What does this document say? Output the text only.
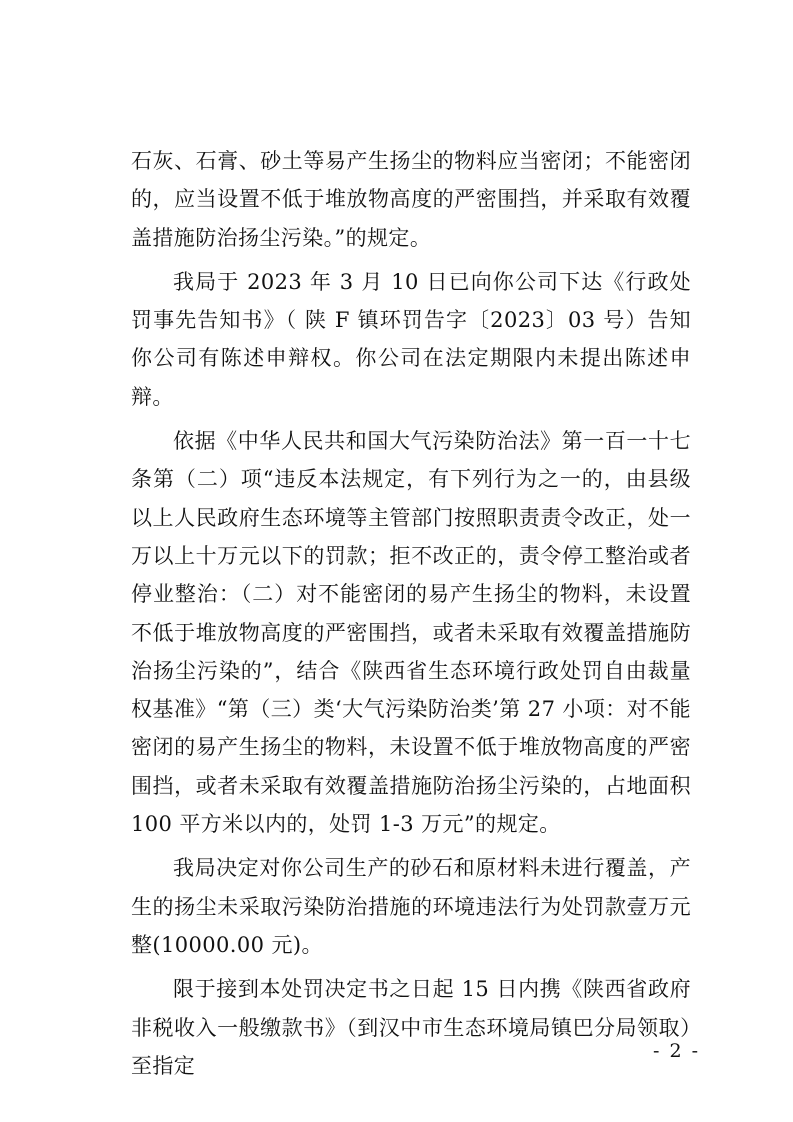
石灰、石膏、砂土等易产生扬尘的物料应当密闭；不能密闭的，应当设置不低于堆放物高度的严密围挡，并采取有效覆盖措施防治扬尘污染。”的规定。

我局于 2023 年 3 月 10 日已向你公司下达《行政处罚事先告知书》（ 陕 F 镇环罚告字〔2023〕03 号）告知你公司有陈述申辩权。你公司在法定期限内未提出陈述申辩。

依据《中华人民共和国大气污染防治法》第一百一十七条第（二）项“违反本法规定，有下列行为之一的，由县级以上人民政府生态环境等主管部门按照职责责令改正，处一万以上十万元以下的罚款；拒不改正的，责令停工整治或者停业整治：（二）对不能密闭的易产生扬尘的物料，未设置不低于堆放物高度的严密围挡，或者未采取有效覆盖措施防治扬尘污染的”，结合《陕西省生态环境行政处罚自由裁量权基准》“第（三）类‘大气污染防治类’第 27 小项：对不能密闭的易产生扬尘的物料，未设置不低于堆放物高度的严密围挡，或者未采取有效覆盖措施防治扬尘污染的，占地面积 100 平方米以内的，处罚 1-3 万元”的规定。

我局决定对你公司生产的砂石和原材料未进行覆盖，产生的扬尘未采取污染防治措施的环境违法行为处罚款壹万元整(10000.00 元)。

限于接到本处罚决定书之日起 15 日内携《陕西省政府非税收入一般缴款书》（到汉中市生态环境局镇巴分局领取）至指定

- 2 -
